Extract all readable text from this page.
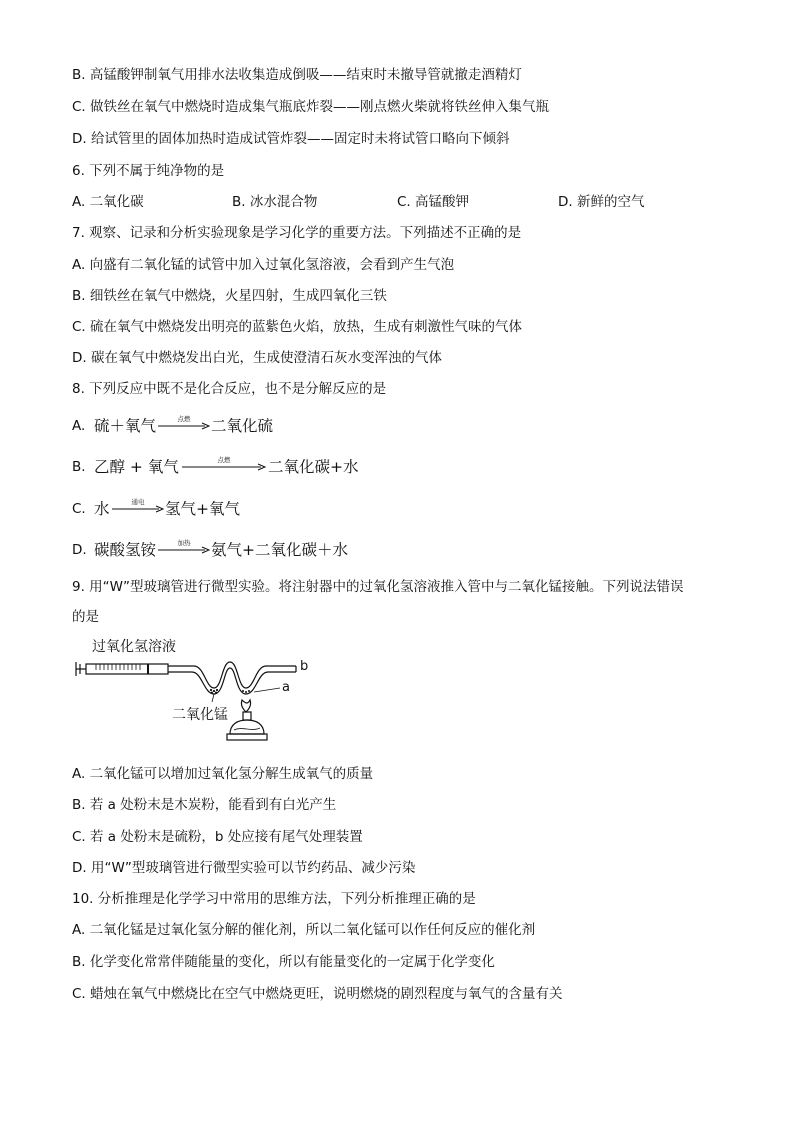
B. 高锰酸钾制氧气用排水法收集造成倒吸——结束时未撤导管就撤走酒精灯
C. 做铁丝在氧气中燃烧时造成集气瓶底炸裂——刚点燃火柴就将铁丝伸入集气瓶
D. 给试管里的固体加热时造成试管炸裂——固定时未将试管口略向下倾斜
6. 下列不属于纯净物的是
A. 二氧化碳	B. 冰水混合物	C. 高锰酸钾	D. 新鲜的空气
7. 观察、记录和分析实验现象是学习化学的重要方法。下列描述不正确的是
A. 向盛有二氧化锰的试管中加入过氧化氢溶液，会看到产生气泡
B. 细铁丝在氧气中燃烧，火星四射，生成四氧化三铁
C. 硫在氧气中燃烧发出明亮的蓝紫色火焰，放热，生成有刺激性气味的气体
D. 碳在氧气中燃烧发出白光，生成使澄清石灰水变浑浊的气体
8. 下列反应中既不是化合反应，也不是分解反应的是
A. 硫＋氧气	点燃	二氧化硫
B. 乙醇 + 氧气	点燃	二氧化碳+水
C. 水	通电	氢气+氧气
D. 碳酸氢铵	加热	氨气+二氧化碳＋水
9. 用“W”型玻璃管进行微型实验。将注射器中的过氧化氢溶液推入管中与二氧化锰接触。下列说法错误
的是
过氧化氢溶液
二氧化锰
b
a
A. 二氧化锰可以增加过氧化氢分解生成氧气的质量
B. 若 a 处粉末是木炭粉，能看到有白光产生
C. 若 a 处粉末是硫粉，b 处应接有尾气处理装置
D. 用“W”型玻璃管进行微型实验可以节约药品、减少污染
10. 分析推理是化学学习中常用的思维方法，下列分析推理正确的是
A. 二氧化锰是过氧化氢分解的催化剂，所以二氧化锰可以作任何反应的催化剂
B. 化学变化常常伴随能量的变化，所以有能量变化的一定属于化学变化
C. 蜡烛在氧气中燃烧比在空气中燃烧更旺，说明燃烧的剧烈程度与氧气的含量有关
